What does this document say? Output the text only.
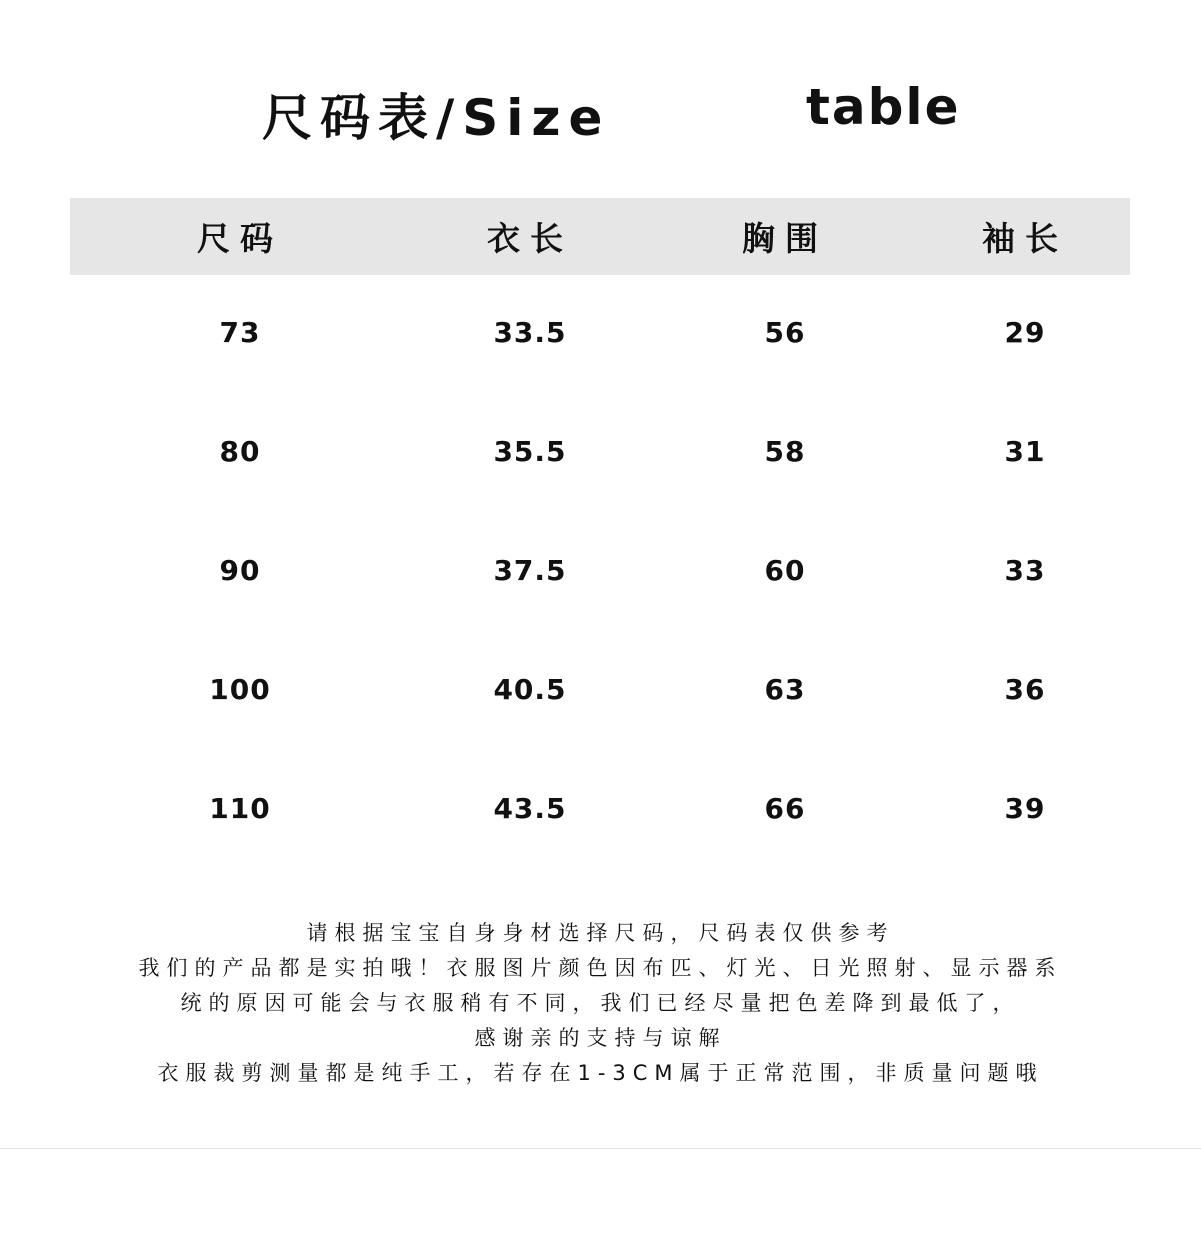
尺码表/Size	table
尺码	衣长	胸围	袖长
73	33.5	56	29
80	35.5	58	31
90	37.5	60	33
100	40.5	63	36
110	43.5	66	39
请根据宝宝自身身材选择尺码，尺码表仅供参考
我们的产品都是实拍哦！衣服图片颜色因布匹、灯光、日光照射、显示器系
统的原因可能会与衣服稍有不同，我们已经尽量把色差降到最低了，
感谢亲的支持与谅解
衣服裁剪测量都是纯手工，若存在1-3CM属于正常范围，非质量问题哦
